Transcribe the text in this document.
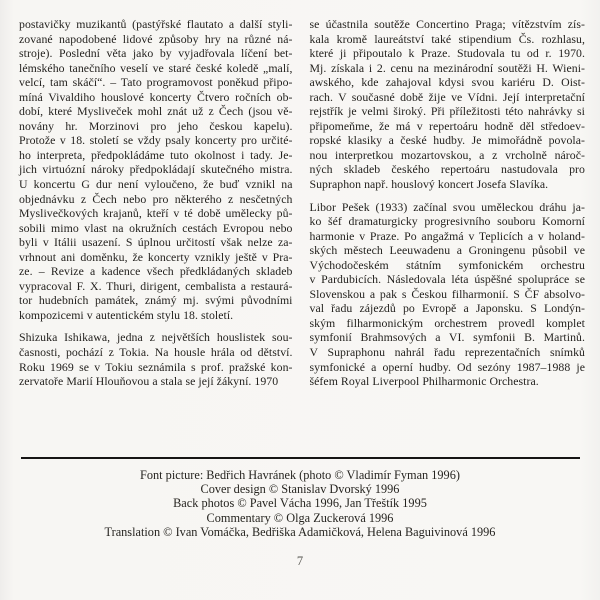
postavičky muzikantů (pastýřské flautato a další styli-
zované napodobené lidové způsoby hry na různé ná-
stroje). Poslední věta jako by vyjadřovala líčení bet-
lémského tanečního veselí ve staré české koledě „malí,
velcí, tam skáčí“. – Tato programovost poněkud připo-
míná Vivaldiho houslové koncerty Čtvero ročních ob-
dobí, které Mysliveček mohl znát už z Čech (jsou vě-
novány hr. Morzinovi pro jeho českou kapelu).
Protože v 18. století se vždy psaly koncerty pro určité-
ho interpreta, předpokládáme tuto okolnost i tady. Je-
jich virtuózní nároky předpokládají skutečného mistra.
U koncertu G dur není vyloučeno, že buď vznikl na
objednávku z Čech nebo pro některého z nesčetných
Myslivečkových krajanů, kteří v té době umělecky pů-
sobili mimo vlast na okružních cestách Evropou nebo
byli v Itálii usazení. S úplnou určitostí však nelze za-
vrhnout ani doměnku, že koncerty vznikly ještě v Pra-
ze. – Revize a kadence všech předkládaných skladeb
vypracoval F. X. Thuri, dirigent, cembalista a restaurá-
tor hudebních památek, známý mj. svými původními
kompozicemi v autentickém stylu 18. století.
Shizuka Ishikawa, jedna z největších houslistek sou-
časnosti, pochází z Tokia. Na housle hrála od dětství.
Roku 1969 se v Tokiu seznámila s prof. pražské kon-
zervatoře Marií Hlouňovou a stala se její žákyní. 1970
se účastnila soutěže Concertino Praga; vítězstvím zís-
kala kromě laureátství také stipendium Čs. rozhlasu,
které ji připoutalo k Praze. Studovala tu od r. 1970.
Mj. získala i 2. cenu na mezinárodní soutěži H. Wieni-
awského, kde zahajoval kdysi svou kariéru D. Oist-
rach. V současné době žije ve Vídni. Její interpretační
rejstřík je velmi široký. Při příležitosti této nahrávky si
připomeňme, že má v repertoáru hodně děl středoev-
ropské klasiky a české hudby. Je mimořádně povola-
nou interpretkou mozartovskou, a z vrcholně nároč-
ných skladeb českého repertoáru nastudovala pro
Supraphon např. houslový koncert Josefa Slavíka.
Libor Pešek (1933) začínal svou uměleckou dráhu ja-
ko šéf dramaturgicky progresivního souboru Komorní
harmonie v Praze. Po angažmá v Teplicích a v holand-
ských městech Leeuwadenu a Groningenu působil ve
Východočeském státním symfonickém orchestru
v Pardubicích. Následovala léta úspěšné spolupráce se
Slovenskou a pak s Českou filharmonií. S ČF absolvo-
val řadu zájezdů po Evropě a Japonsku. S Londýn-
ským filharmonickým orchestrem provedl komplet
symfonií Brahmsových a VI. symfonii B. Martinů.
V Supraphonu nahrál řadu reprezentačních snímků
symfonické a operní hudby. Od sezóny 1987–1988 je
šéfem Royal Liverpool Philharmonic Orchestra.
Font picture: Bedřich Havránek (photo © Vladimír Fyman 1996)
Cover design © Stanislav Dvorský 1996
Back photos © Pavel Vácha 1996, Jan Třeštík 1995
Commentary © Olga Zuckerová 1996
Translation © Ivan Vomáčka, Bedřiška Adamičková, Helena Baguivinová 1996
7
